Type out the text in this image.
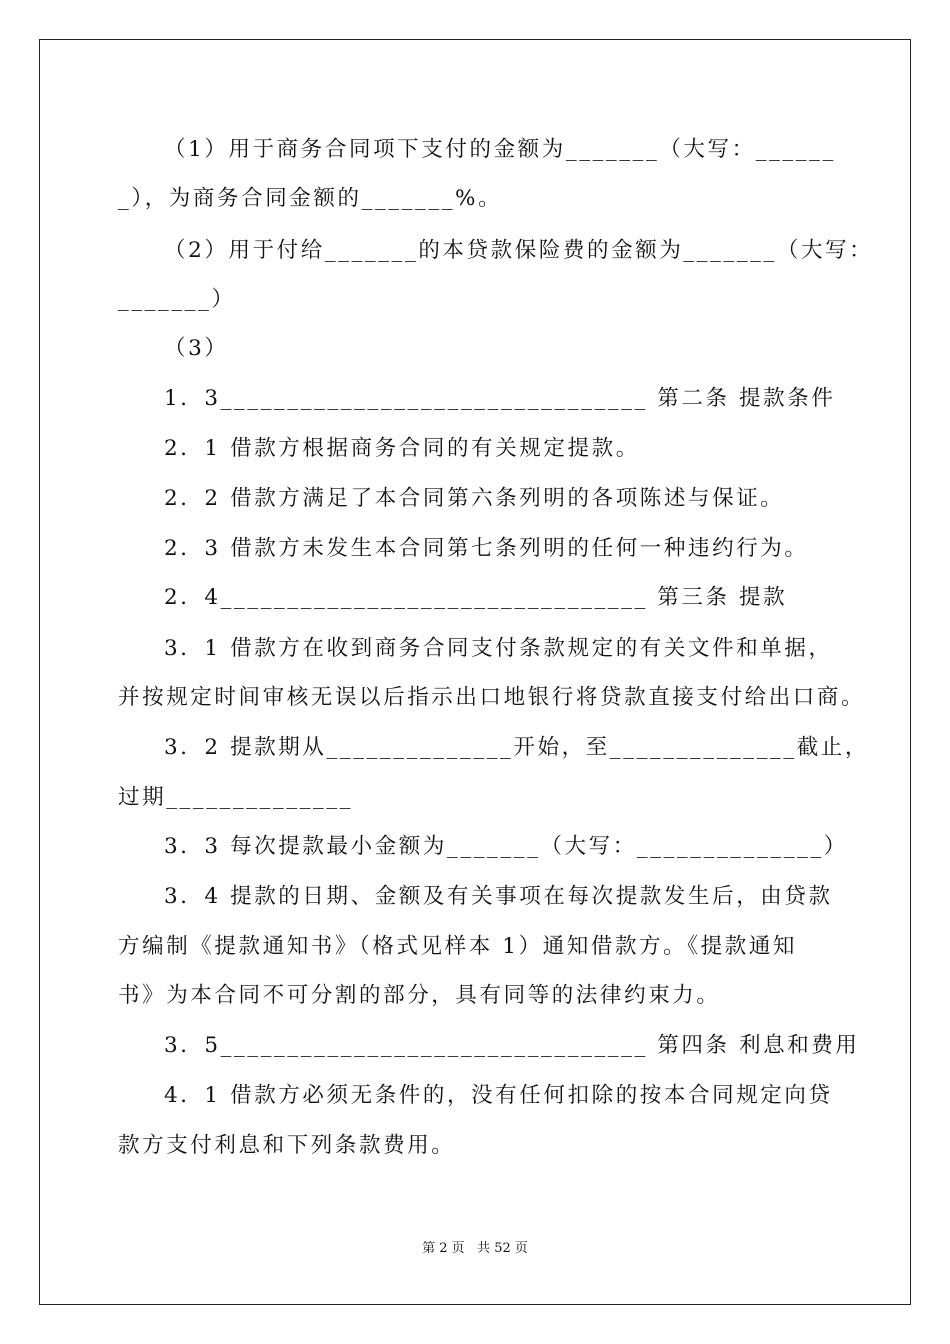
（1）用于商务合同项下支付的金额为_______（大写：______
_），为商务合同金额的_______%。
（2）用于付给_______的本贷款保险费的金额为_______（大写：
_______）
（3）
1．3________________________________ 第二条 提款条件
2．1 借款方根据商务合同的有关规定提款。
2．2 借款方满足了本合同第六条列明的各项陈述与保证。
2．3 借款方未发生本合同第七条列明的任何一种违约行为。
2．4________________________________ 第三条 提款
3．1 借款方在收到商务合同支付条款规定的有关文件和单据，
并按规定时间审核无误以后指示出口地银行将贷款直接支付给出口商。
3．2 提款期从______________开始，至______________截止，
过期______________
3．3 每次提款最小金额为_______（大写：______________）
3．4 提款的日期、金额及有关事项在每次提款发生后，由贷款
方编制《提款通知书》（格式见样本 1）通知借款方。《提款通知
书》为本合同不可分割的部分，具有同等的法律约束力。
3．5________________________________ 第四条 利息和费用
4．1 借款方必须无条件的，没有任何扣除的按本合同规定向贷
款方支付利息和下列条款费用。
第 2 页   共 52 页
